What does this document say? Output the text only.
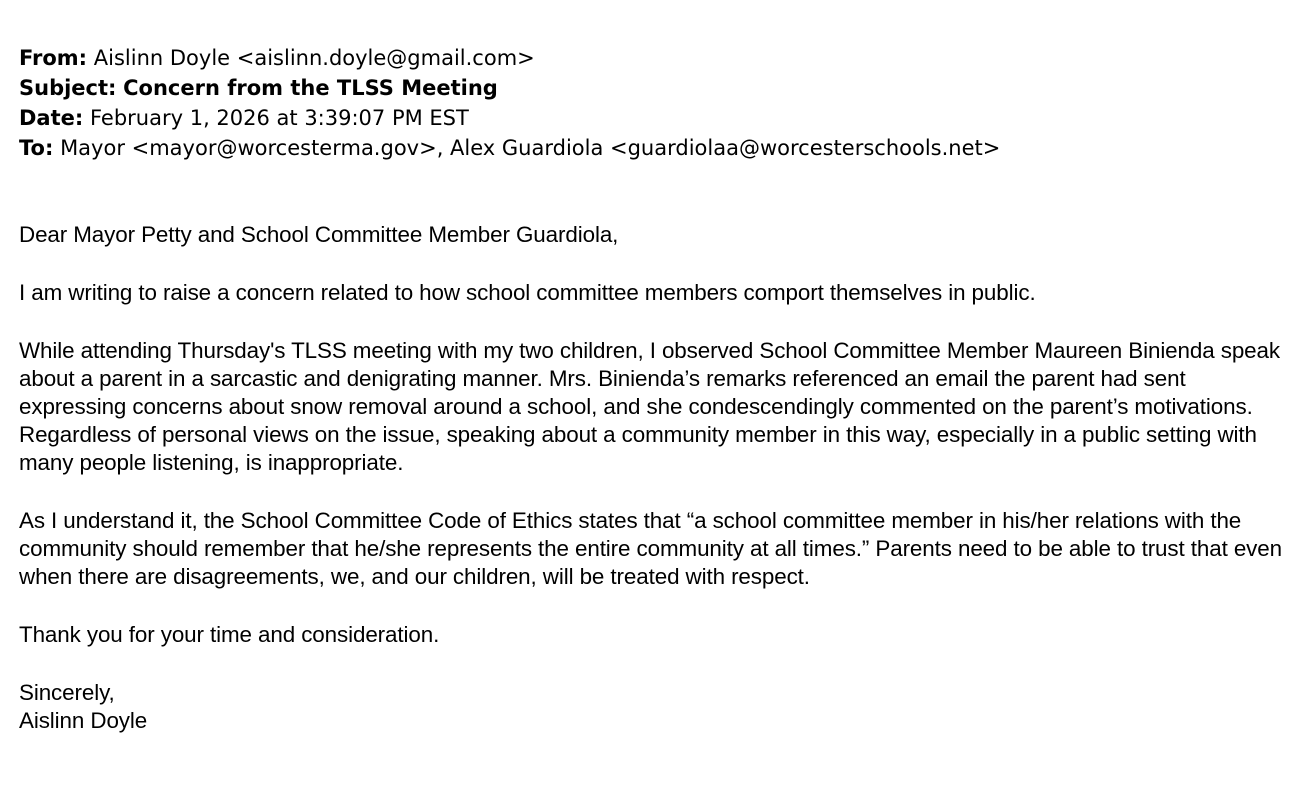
From: Aislinn Doyle <aislinn.doyle@gmail.com>
Subject: Concern from the TLSS Meeting
Date: February 1, 2026 at 3:39:07 PM EST
To: Mayor <mayor@worcesterma.gov>, Alex Guardiola <guardiolaa@worcesterschools.net>

Dear Mayor Petty and School Committee Member Guardiola,

I am writing to raise a concern related to how school committee members comport themselves in public.

While attending Thursday's TLSS meeting with my two children, I observed School Committee Member Maureen Binienda speak about a parent in a sarcastic and denigrating manner. Mrs. Binienda’s remarks referenced an email the parent had sent expressing concerns about snow removal around a school, and she condescendingly commented on the parent’s motivations. Regardless of personal views on the issue, speaking about a community member in this way, especially in a public setting with many people listening, is inappropriate.

As I understand it, the School Committee Code of Ethics states that “a school committee member in his/her relations with the community should remember that he/she represents the entire community at all times.” Parents need to be able to trust that even when there are disagreements, we, and our children, will be treated with respect.

Thank you for your time and consideration.

Sincerely,

Aislinn Doyle
